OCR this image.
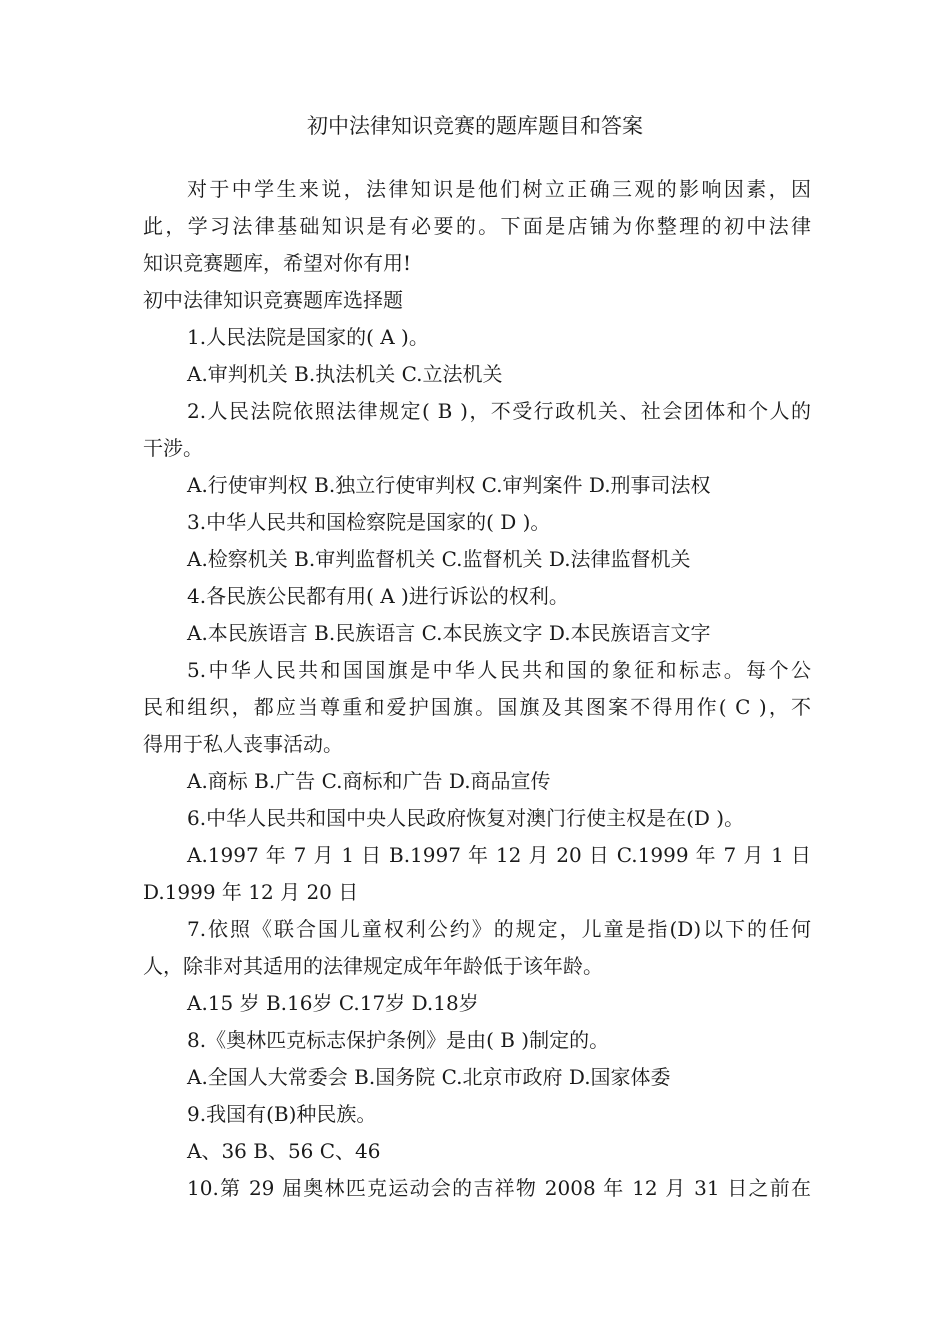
初中法律知识竞赛的题库题目和答案

对于中学生来说，法律知识是他们树立正确三观的影响因素，因

此，学习法律基础知识是有必要的。下面是店铺为你整理的初中法律

知识竞赛题库，希望对你有用!

初中法律知识竞赛题库选择题

1.人民法院是国家的( A )。

A.审判机关 B.执法机关 C.立法机关

2.人民法院依照法律规定( B )，不受行政机关、社会团体和个人的

干涉。

A.行使审判权 B.独立行使审判权 C.审判案件 D.刑事司法权

3.中华人民共和国检察院是国家的( D )。

A.检察机关 B.审判监督机关 C.监督机关 D.法律监督机关

4.各民族公民都有用( A )进行诉讼的权利。

A.本民族语言 B.民族语言 C.本民族文字 D.本民族语言文字

5.中华人民共和国国旗是中华人民共和国的象征和标志。每个公

民和组织，都应当尊重和爱护国旗。国旗及其图案不得用作( C )，不

得用于私人丧事活动。

A.商标 B.广告 C.商标和广告 D.商品宣传

6.中华人民共和国中央人民政府恢复对澳门行使主权是在(D )。

A.1997 年 7 月 1 日 B.1997 年 12 月 20 日 C.1999 年 7 月 1 日

D.1999 年 12 月 20 日

7.依照《联合国儿童权利公约》的规定，儿童是指(D)以下的任何

人，除非对其适用的法律规定成年年龄低于该年龄。

A.15 岁 B.16岁 C.17岁 D.18岁

8.《奥林匹克标志保护条例》是由( B )制定的。

A.全国人大常委会 B.国务院 C.北京市政府 D.国家体委

9.我国有(B)种民族。

A、36 B、56 C、46

10.第 29 届奥林匹克运动会的吉祥物 2008 年 12 月 31 日之前在
